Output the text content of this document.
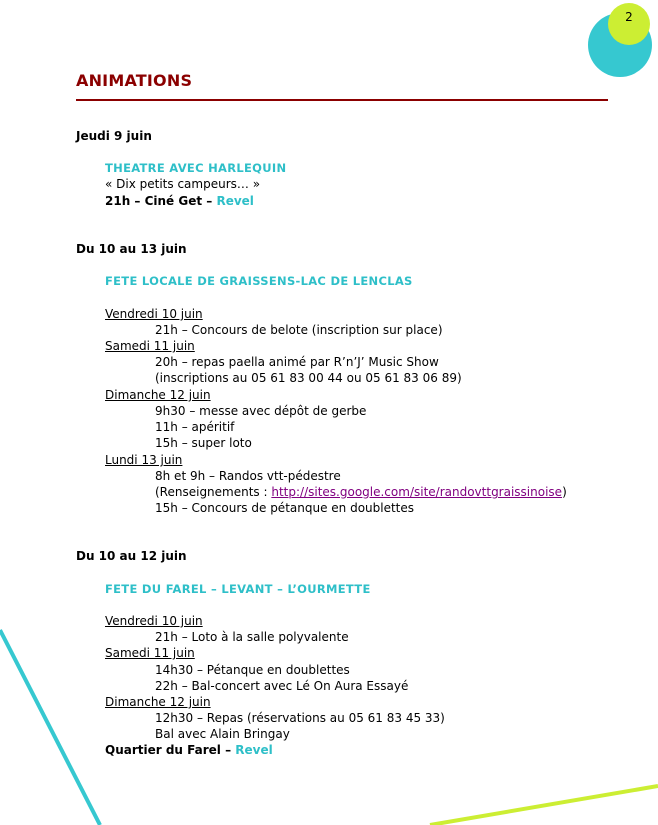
2
ANIMATIONS
Jeudi 9 juin
THEATRE AVEC HARLEQUIN
« Dix petits campeurs… »
21h – Ciné Get – Revel
Du 10 au 13 juin
FETE LOCALE DE GRAISSENS-LAC DE LENCLAS
Vendredi 10 juin
21h – Concours de belote (inscription sur place)
Samedi 11 juin
20h – repas paella animé par R’n’J’ Music Show
(inscriptions au 05 61 83 00 44 ou 05 61 83 06 89)
Dimanche 12 juin
9h30 – messe avec dépôt de gerbe
11h – apéritif
15h – super loto
Lundi 13 juin
8h et 9h – Randos vtt-pédestre
(Renseignements : http://sites.google.com/site/randovttgraissinoise)
15h – Concours de pétanque en doublettes
Du 10 au 12 juin
FETE DU FAREL – LEVANT – L’OURMETTE
Vendredi 10 juin
21h – Loto à la salle polyvalente
Samedi 11 juin
14h30 – Pétanque en doublettes
22h – Bal-concert avec Lé On Aura Essayé
Dimanche 12 juin
12h30 – Repas (réservations au 05 61 83 45 33)
Bal avec Alain Bringay
Quartier du Farel – Revel
